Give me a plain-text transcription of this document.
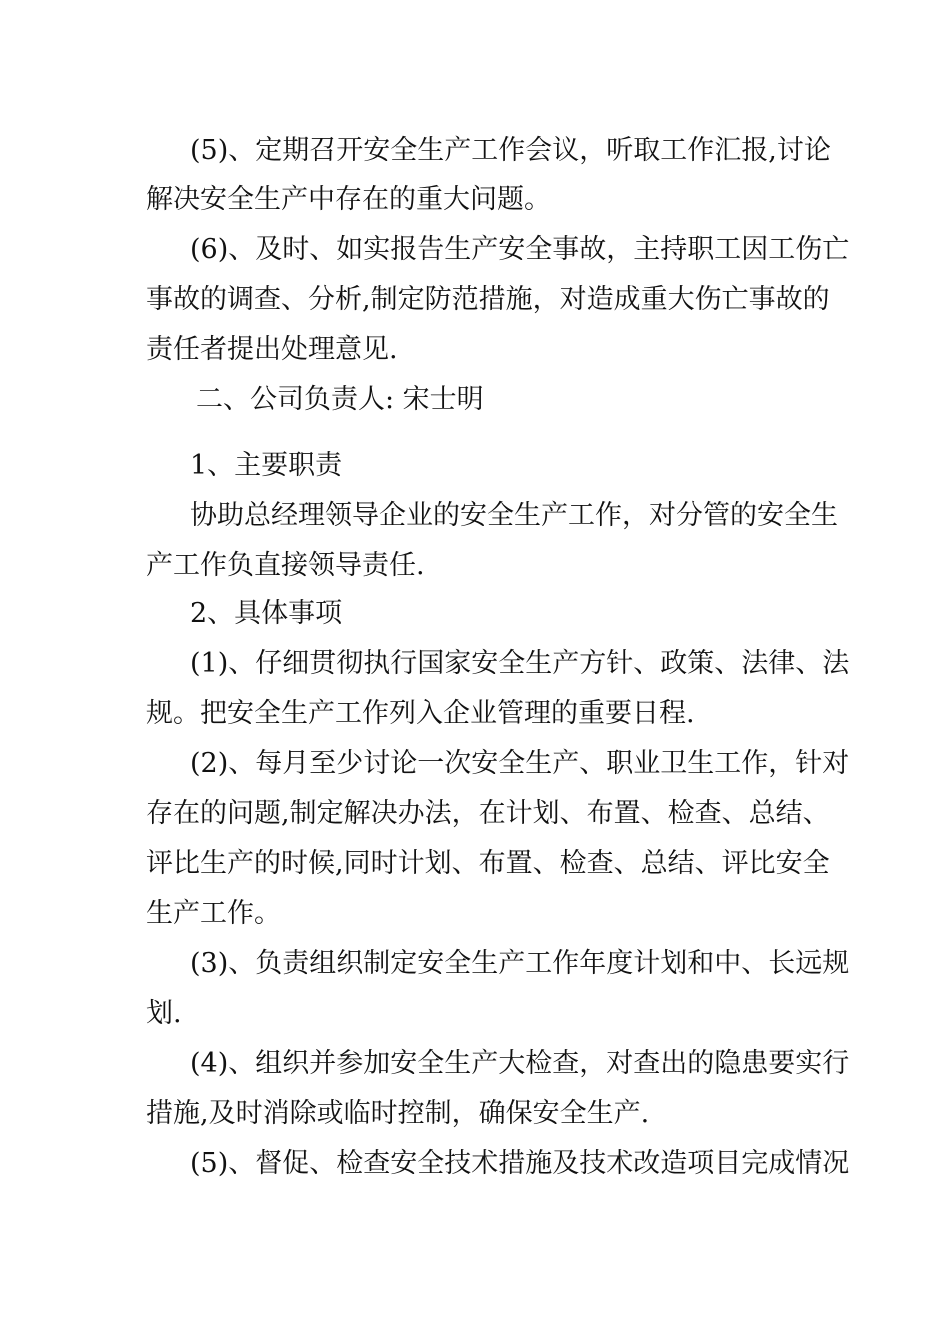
(5)、定期召开安全生产工作会议，听取工作汇报,讨论

解决安全生产中存在的重大问题。

(6)、及时、如实报告生产安全事故，主持职工因工伤亡

事故的调查、分析,制定防范措施，对造成重大伤亡事故的

责任者提出处理意见.

二、公司负责人: 宋士明

1、主要职责

协助总经理领导企业的安全生产工作，对分管的安全生

产工作负直接领导责任.

2、具体事项

(1)、仔细贯彻执行国家安全生产方针、政策、法律、法

规。把安全生产工作列入企业管理的重要日程.

(2)、每月至少讨论一次安全生产、职业卫生工作，针对

存在的问题,制定解决办法，在计划、布置、检查、总结、

评比生产的时候,同时计划、布置、检查、总结、评比安全

生产工作。

(3)、负责组织制定安全生产工作年度计划和中、长远规

划.

(4)、组织并参加安全生产大检查，对查出的隐患要实行

措施,及时消除或临时控制，确保安全生产.

(5)、督促、检查安全技术措施及技术改造项目完成情况
